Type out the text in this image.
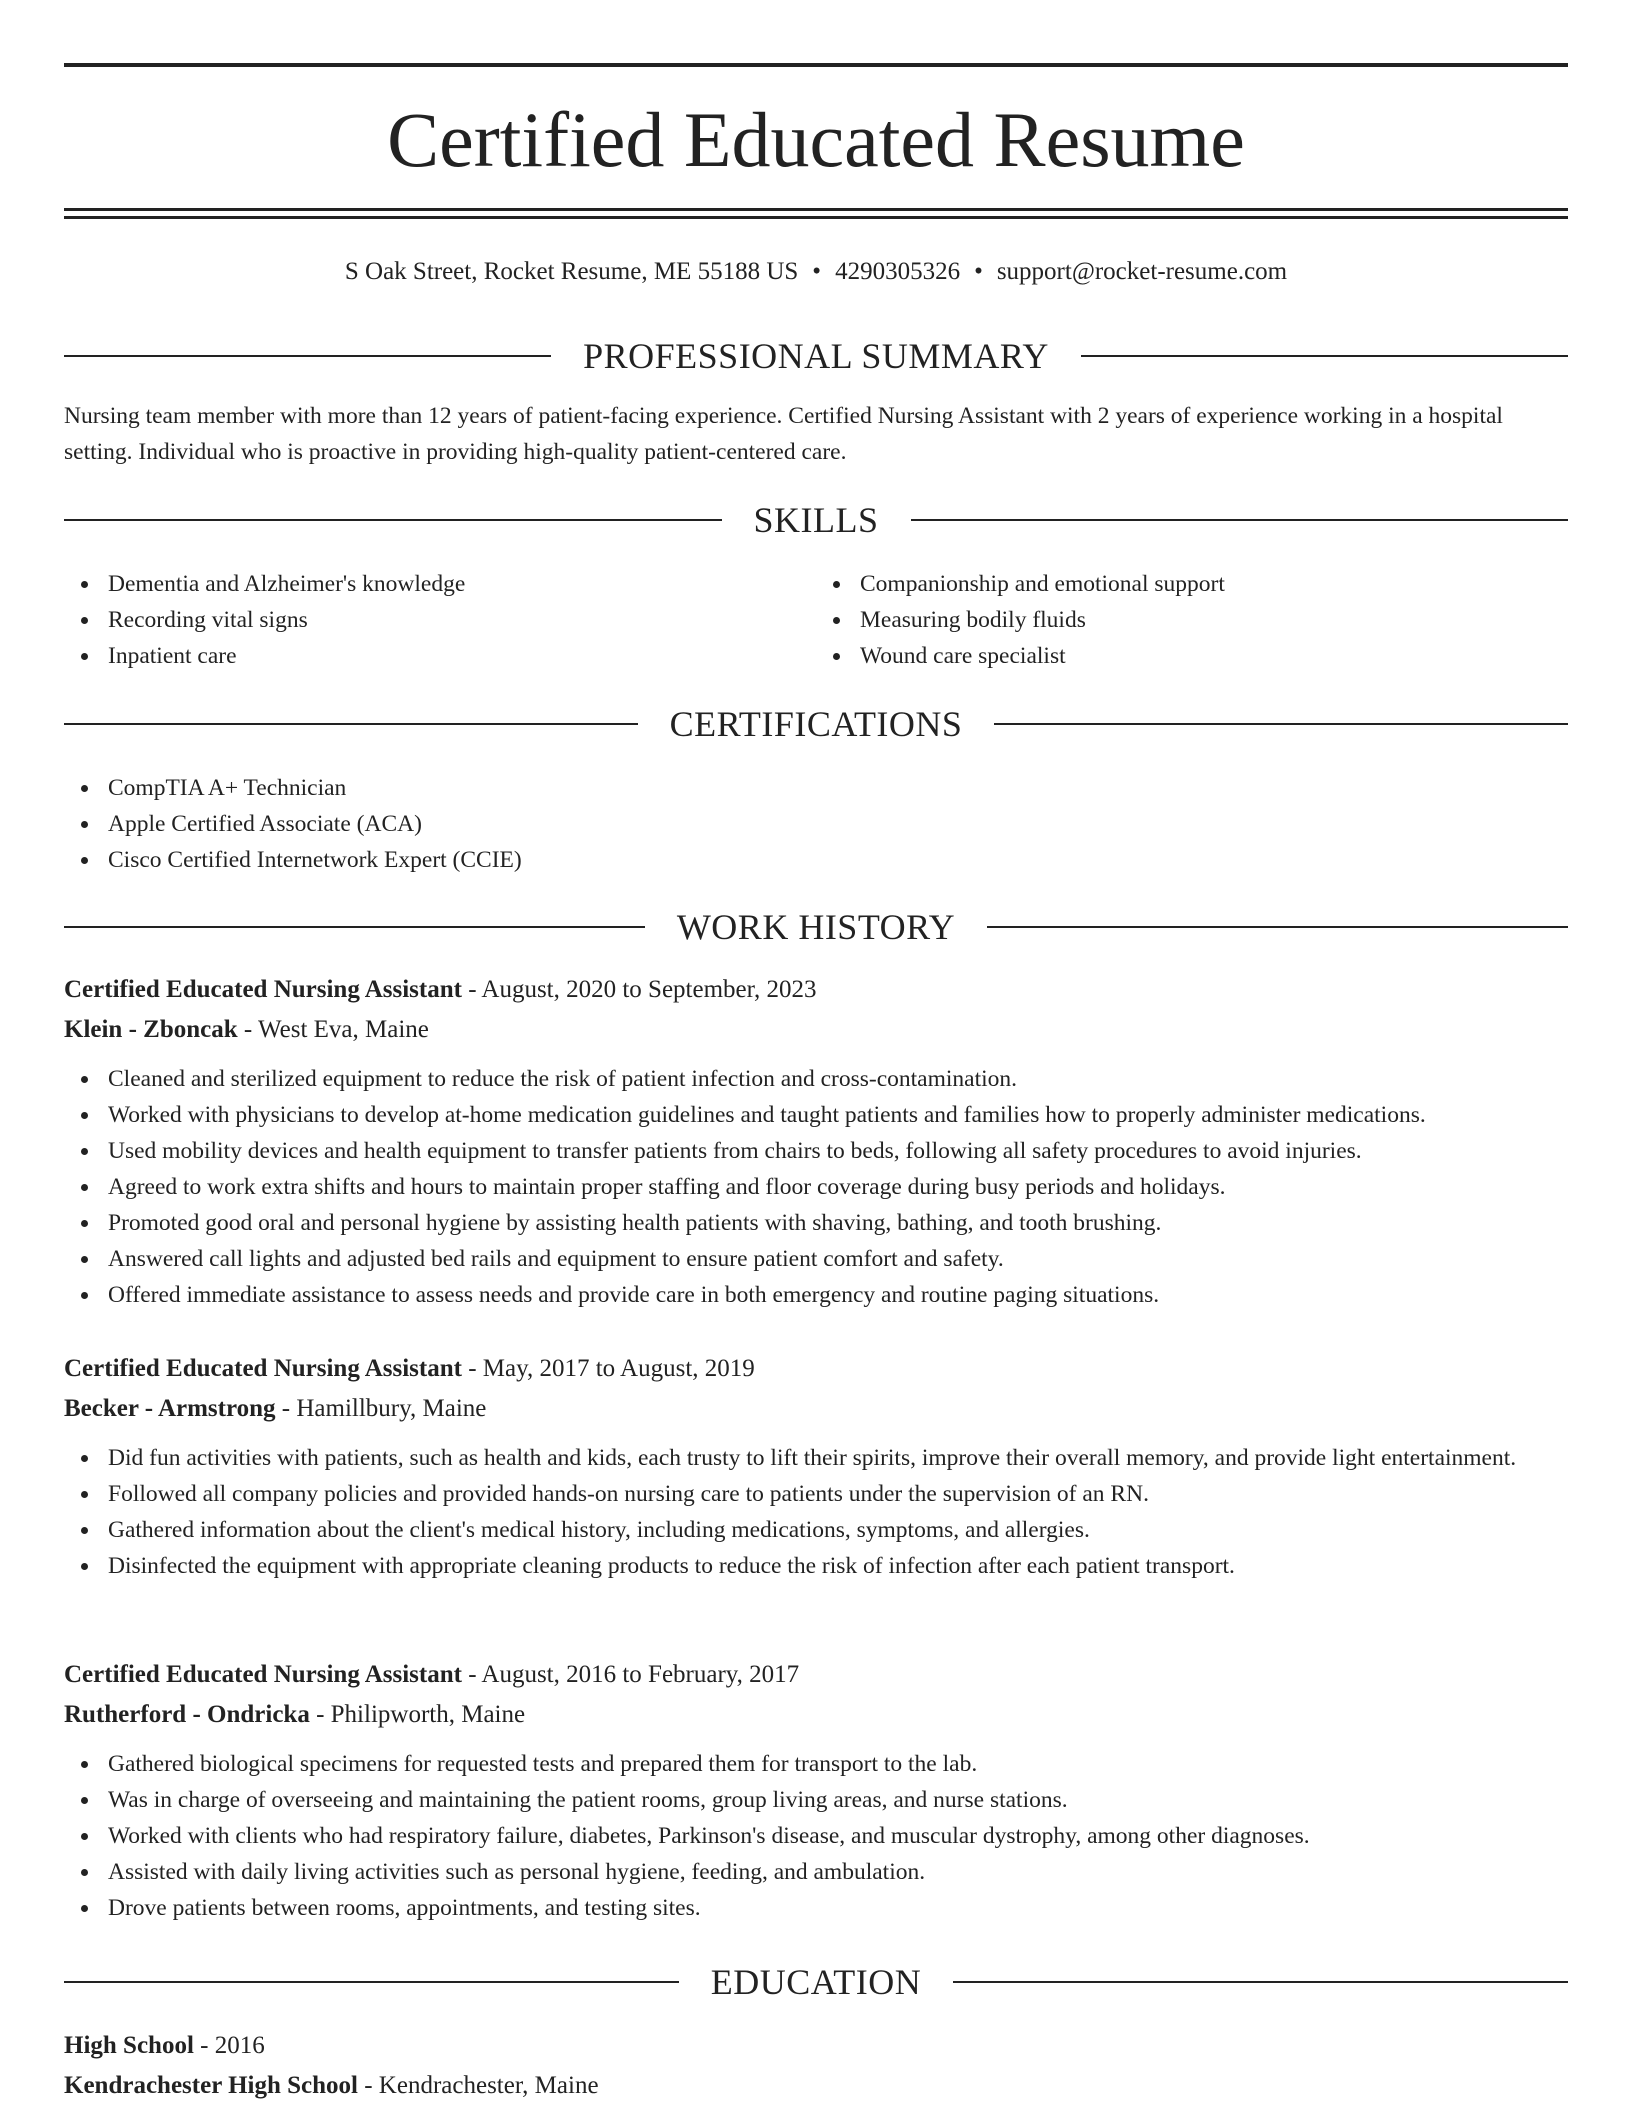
Certified Educated Resume
S Oak Street, Rocket Resume, ME 55188 US • 4290305326 • support@rocket-resume.com
PROFESSIONAL SUMMARY
Nursing team member with more than 12 years of patient-facing experience. Certified Nursing Assistant with 2 years of experience working in a hospital setting. Individual who is proactive in providing high-quality patient-centered care.
SKILLS
Dementia and Alzheimer's knowledge
Recording vital signs
Inpatient care
Companionship and emotional support
Measuring bodily fluids
Wound care specialist
CERTIFICATIONS
CompTIA A+ Technician
Apple Certified Associate (ACA)
Cisco Certified Internetwork Expert (CCIE)
WORK HISTORY
Certified Educated Nursing Assistant - August, 2020 to September, 2023
Klein - Zboncak - West Eva, Maine
Cleaned and sterilized equipment to reduce the risk of patient infection and cross-contamination.
Worked with physicians to develop at-home medication guidelines and taught patients and families how to properly administer medications.
Used mobility devices and health equipment to transfer patients from chairs to beds, following all safety procedures to avoid injuries.
Agreed to work extra shifts and hours to maintain proper staffing and floor coverage during busy periods and holidays.
Promoted good oral and personal hygiene by assisting health patients with shaving, bathing, and tooth brushing.
Answered call lights and adjusted bed rails and equipment to ensure patient comfort and safety.
Offered immediate assistance to assess needs and provide care in both emergency and routine paging situations.
Certified Educated Nursing Assistant - May, 2017 to August, 2019
Becker - Armstrong - Hamillbury, Maine
Did fun activities with patients, such as health and kids, each trusty to lift their spirits, improve their overall memory, and provide light entertainment.
Followed all company policies and provided hands-on nursing care to patients under the supervision of an RN.
Gathered information about the client's medical history, including medications, symptoms, and allergies.
Disinfected the equipment with appropriate cleaning products to reduce the risk of infection after each patient transport.
Certified Educated Nursing Assistant - August, 2016 to February, 2017
Rutherford - Ondricka - Philipworth, Maine
Gathered biological specimens for requested tests and prepared them for transport to the lab.
Was in charge of overseeing and maintaining the patient rooms, group living areas, and nurse stations.
Worked with clients who had respiratory failure, diabetes, Parkinson's disease, and muscular dystrophy, among other diagnoses.
Assisted with daily living activities such as personal hygiene, feeding, and ambulation.
Drove patients between rooms, appointments, and testing sites.
EDUCATION
High School - 2016
Kendrachester High School - Kendrachester, Maine
